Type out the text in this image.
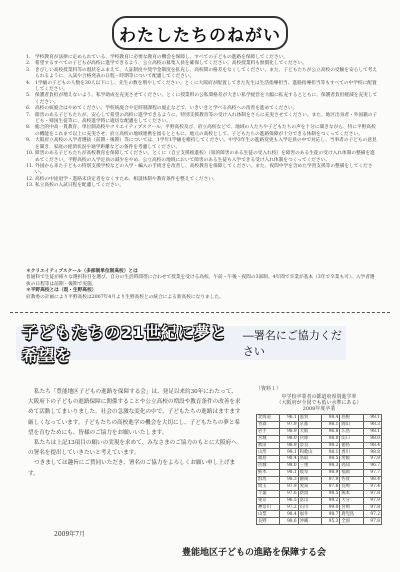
わたしたちのねがい
1. 学校教育が法律に定められている、学校教育に必要な教育の機会を保障し、すべての子どもの進路を保障してください。
2. 希望するすべての子どもが高校に進学できるよう、公立高校の募集人員を確保してください。高校授業料も無償化してください。
3. きびしい高校授業料等の現状をふまえて、人証制度や奨学金制度を拡充し、高校間の格差をなくしてください。また、子どもたちが公立高校の受験を安心して考えられるように、入試や合格発表の日程・時期等について配慮してください。
4. 1学級の子どもの人数を30人以下にし、先生の数を増やしてください。とくに大阪府が配置してきた先生は生活指導担当、進路指導担当等もすべての中学校に配置してください。
5. 保護者負担が増えないよう、私学助成を充実させてください。とくに授業料の公私間格差が大きい私学経営を大幅に拡充するとともに、保護者負担軽減を充実してください。
6. 高校の統廃合はやめてください。学校統廃合や定時制課程の廃止などで、いきいきと学べる高校への改善を進めてください。
7. 障害のある子どもたちが、安心して希望の高校に進学できるように、特別支援教育等の受け入れ体制をさらに充実させてください。また、地区出身者・外国籍の子ども・帰国生徒等に、高校進学時に適切な配慮をしてください。
8. 総合的中高一貫教育、単位制高校やクリエイティブスクール、平野高校及び、府立高校などで、地域の人たちや子どもたちの声を十分に聞きながら、特に平野高校の機能をこれまで以上に充実させ、府立高校の地域連携を図るとともに、地元の高校として、子どもたちの進路保障が十分できる体制をつくってください。
9. 大阪府立高校の入学者選抜（前期・後期）等については、1学年1学級を維持してください。中学3年生の進路変更も入学定員の中で対応し、当事者の子どもの意見を聞き、家庭の経済状況や通学距離などの条件を考慮してください。
10. 障害のある子どもたちが高校教育を保障してください。とくに（自立支援推進校）（知的障害のある生徒の受入れ校）を障害のある生徒の受け入れ体制の整備を進めてください。平野高校の入学定員の減少をやめ、公立高校の地域において障害のある生徒も入学できる受け入れ体制をつくってください。
11. 外国から来た子どもの特別支援学校などの入学・編入の手続きを改善し、高校教育を保障してください。また、夜間中学を含めた学習支援等の整備をしてください。
12. 高校の中途退学・進路未決定者をなくすため、相談体制や教育条件を整えてください。
13. 私立高校の入試日程を配慮してください。
＊クリエイティブスクール（多部制単位制高校）とは
普通科で生徒が様々な選択科目を選び、自分の生活時間帯に合わせて授業を受ける高校。午前・午後・夜間の3部制。4年間で卒業が基本（3年で卒業も可）。入学者選抜の日程等は前期・後期で実施。
＊平野高校とは（現・生野高校）
府教委の計画により平野高校は2007年4月より生野高校との統合による新高校になりました。
子どもたちの21世紀に夢と希望を
―署名にご協力ください

私たち「豊能地区子どもの進路を保障する会」は、発足以来約30年にわたって、大阪府下の子どもの進路保障に関係することや公立高校の増設や教育条件の改善を求めて活動してまいりました。社会の急激な変化の中で、子どもたちの進路はますます厳しくなっています。子どもたちの高校進学の機会を大切にし、子どもたちの夢と希望を育むためにも、皆様のご協力をお願いいたします。

私たちは上記13項目の願いの実現を求めて、みなさまのご協力のもとに大阪府への署名を提出していきたいと考えています。

つきましては趣旨にご賛同いただき、署名のご協力をよろしくお願い申し上げます。

2009年7月
豊能地区子どもの進路を保障する会
（資料１）
中学校卒業者の都道府県別進学率
（大阪府が全国でも低い水準にある）
2008年度卒業
北海道	96.1	滋賀	98.4	島根	98.1
青森	97.9	京都	98.1	岡山	98.3
岩手	98.9	大阪	96.8	広島	98.1
宮城	98.0	兵庫	98.0	山口	98.0
秋田	98.9	奈良	98.2	徳島	98.4
山形	99.1	和歌山	98.1	香川	98.8
福島	98.4	鳥取	98.5	愛媛	97.9
茨城	98.0	三重	98.3	高知	96.7
栃木	98.1	岐阜	98.9	福岡	97.7
群馬	98.3	静岡	97.9	佐賀	98.4
埼玉	97.9	愛知	97.6	長崎	97.4
千葉	97.6	新潟	98.5	熊本	97.8
東京	96.5	富山	99.2	大分	97.9
神奈川	97.2	石川	99.0	宮崎	97.8
山梨	98.4	福井	98.7	鹿児島	97.2
長野	98.6	沖縄	95.3	全国	97.8
